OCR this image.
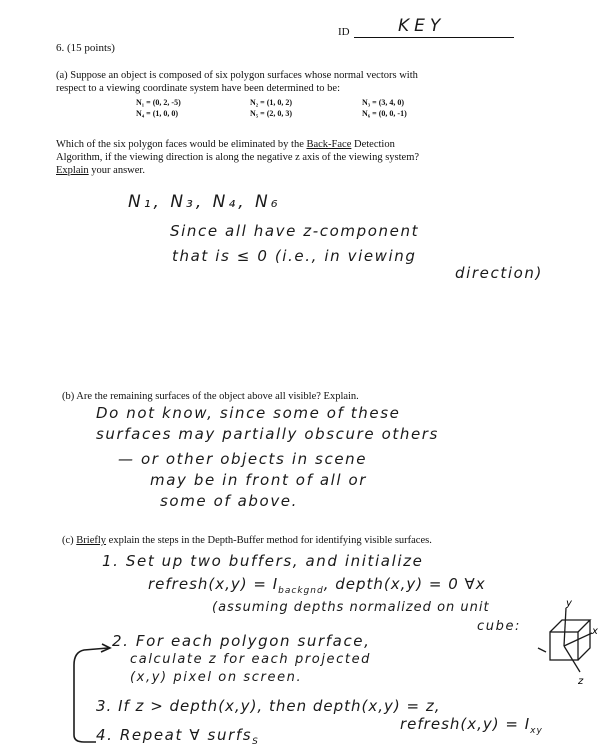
ID	KEY
6. (15 points)
(a) Suppose an object is composed of six polygon surfaces whose normal vectors with
respect to a viewing coordinate system have been determined to be:
N₁ = (0, 2, -5)	N₂ = (1, 0, 2)	N₃ = (3, 4, 0)
N₄ = (1, 0, 0)	N₅ = (2, 0, 3)	N₆ = (0, 0, -1)
Which of the six polygon faces would be eliminated by the Back-Face Detection
Algorithm, if the viewing direction is along the negative z axis of the viewing system?
Explain your answer.
N₁, N₃, N₄, N₆
Since all have z-component
that is ≤ 0 (i.e., in viewing
direction)
(b) Are the remaining surfaces of the object above all visible? Explain.
Do not know, since some of these
surfaces may partially obscure others
— or other objects in scene
may be in front of all or
some of above.
(c) Briefly explain the steps in the Depth-Buffer method for identifying visible surfaces.
1. Set up two buffers, and initialize
refresh(x,y) = $I_{backgnd}$, depth(x,y) = 0 ∀x
(assuming depths normalized on unit
cube:
2. For each polygon surface,
calculate z for each projected
(x,y) pixel on screen.
3. If z > depth(x,y), then depth(x,y) = z,
refresh(x,y) = $I_{xy}$
4. Repeat ∀ surfs$_S$
x
y
z
